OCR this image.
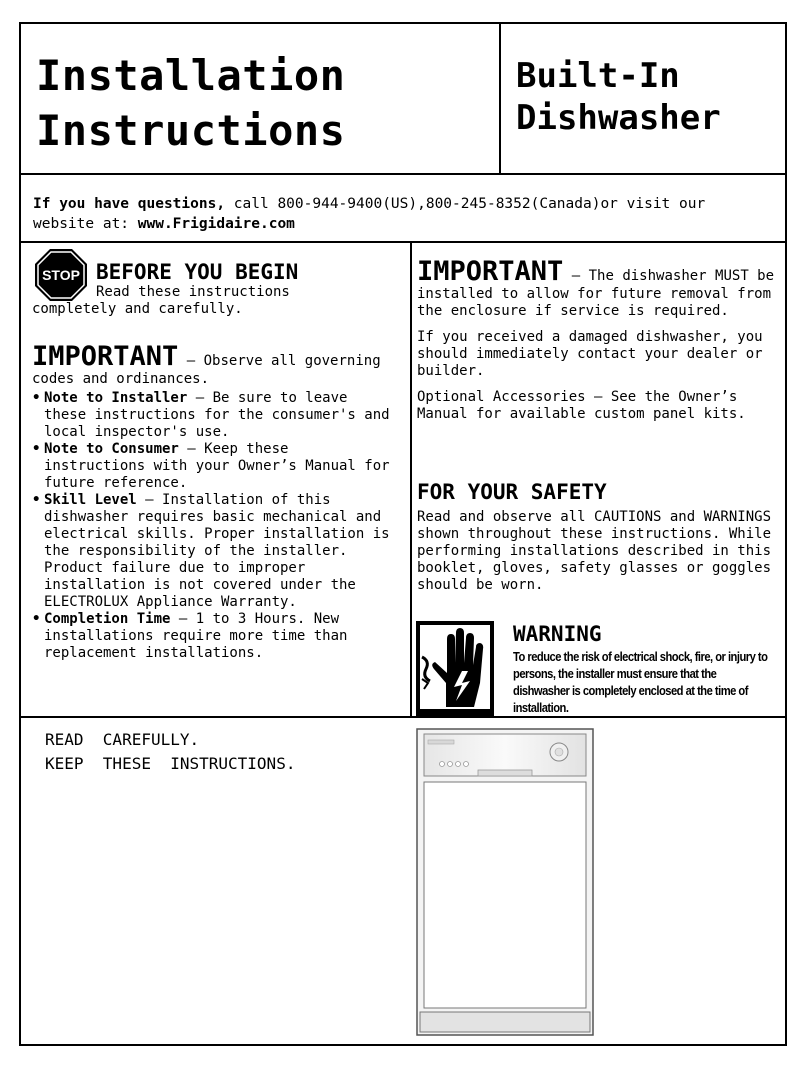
Installation
Instructions
Built-In
Dishwasher
If you have questions, call 800-944-9400(US),800-245-8352(Canada)or visit our website at: www.Frigidaire.com
STOP BEFORE YOU BEGIN

Read these instructions completely and carefully.

IMPORTANT – Observe all governing codes and ordinances.

• Note to Installer – Be sure to leave these instructions for the consumer's and local inspector's use.
• Note to Consumer – Keep these instructions with your Owner’s Manual for future reference.
• Skill Level – Installation of this dishwasher requires basic mechanical and electrical skills. Proper installation is the responsibility of the installer. Product failure due to improper installation is not covered under the ELECTROLUX Appliance Warranty.
• Completion Time – 1 to 3 Hours. New installations require more time than replacement installations.

IMPORTANT – The dishwasher MUST be installed to allow for future removal from the enclosure if service is required.

If you received a damaged dishwasher, you should immediately contact your dealer or builder.

Optional Accessories – See the Owner’s Manual for available custom panel kits.

FOR YOUR SAFETY

Read and observe all CAUTIONS and WARNINGS shown throughout these instructions. While performing installations described in this booklet, gloves, safety glasses or goggles should be worn.

WARNING
To reduce the risk of electrical shock, fire, or injury to persons, the installer must ensure that the dishwasher is completely enclosed at the time of installation.
READ  CAREFULLY.
KEEP  THESE  INSTRUCTIONS.
